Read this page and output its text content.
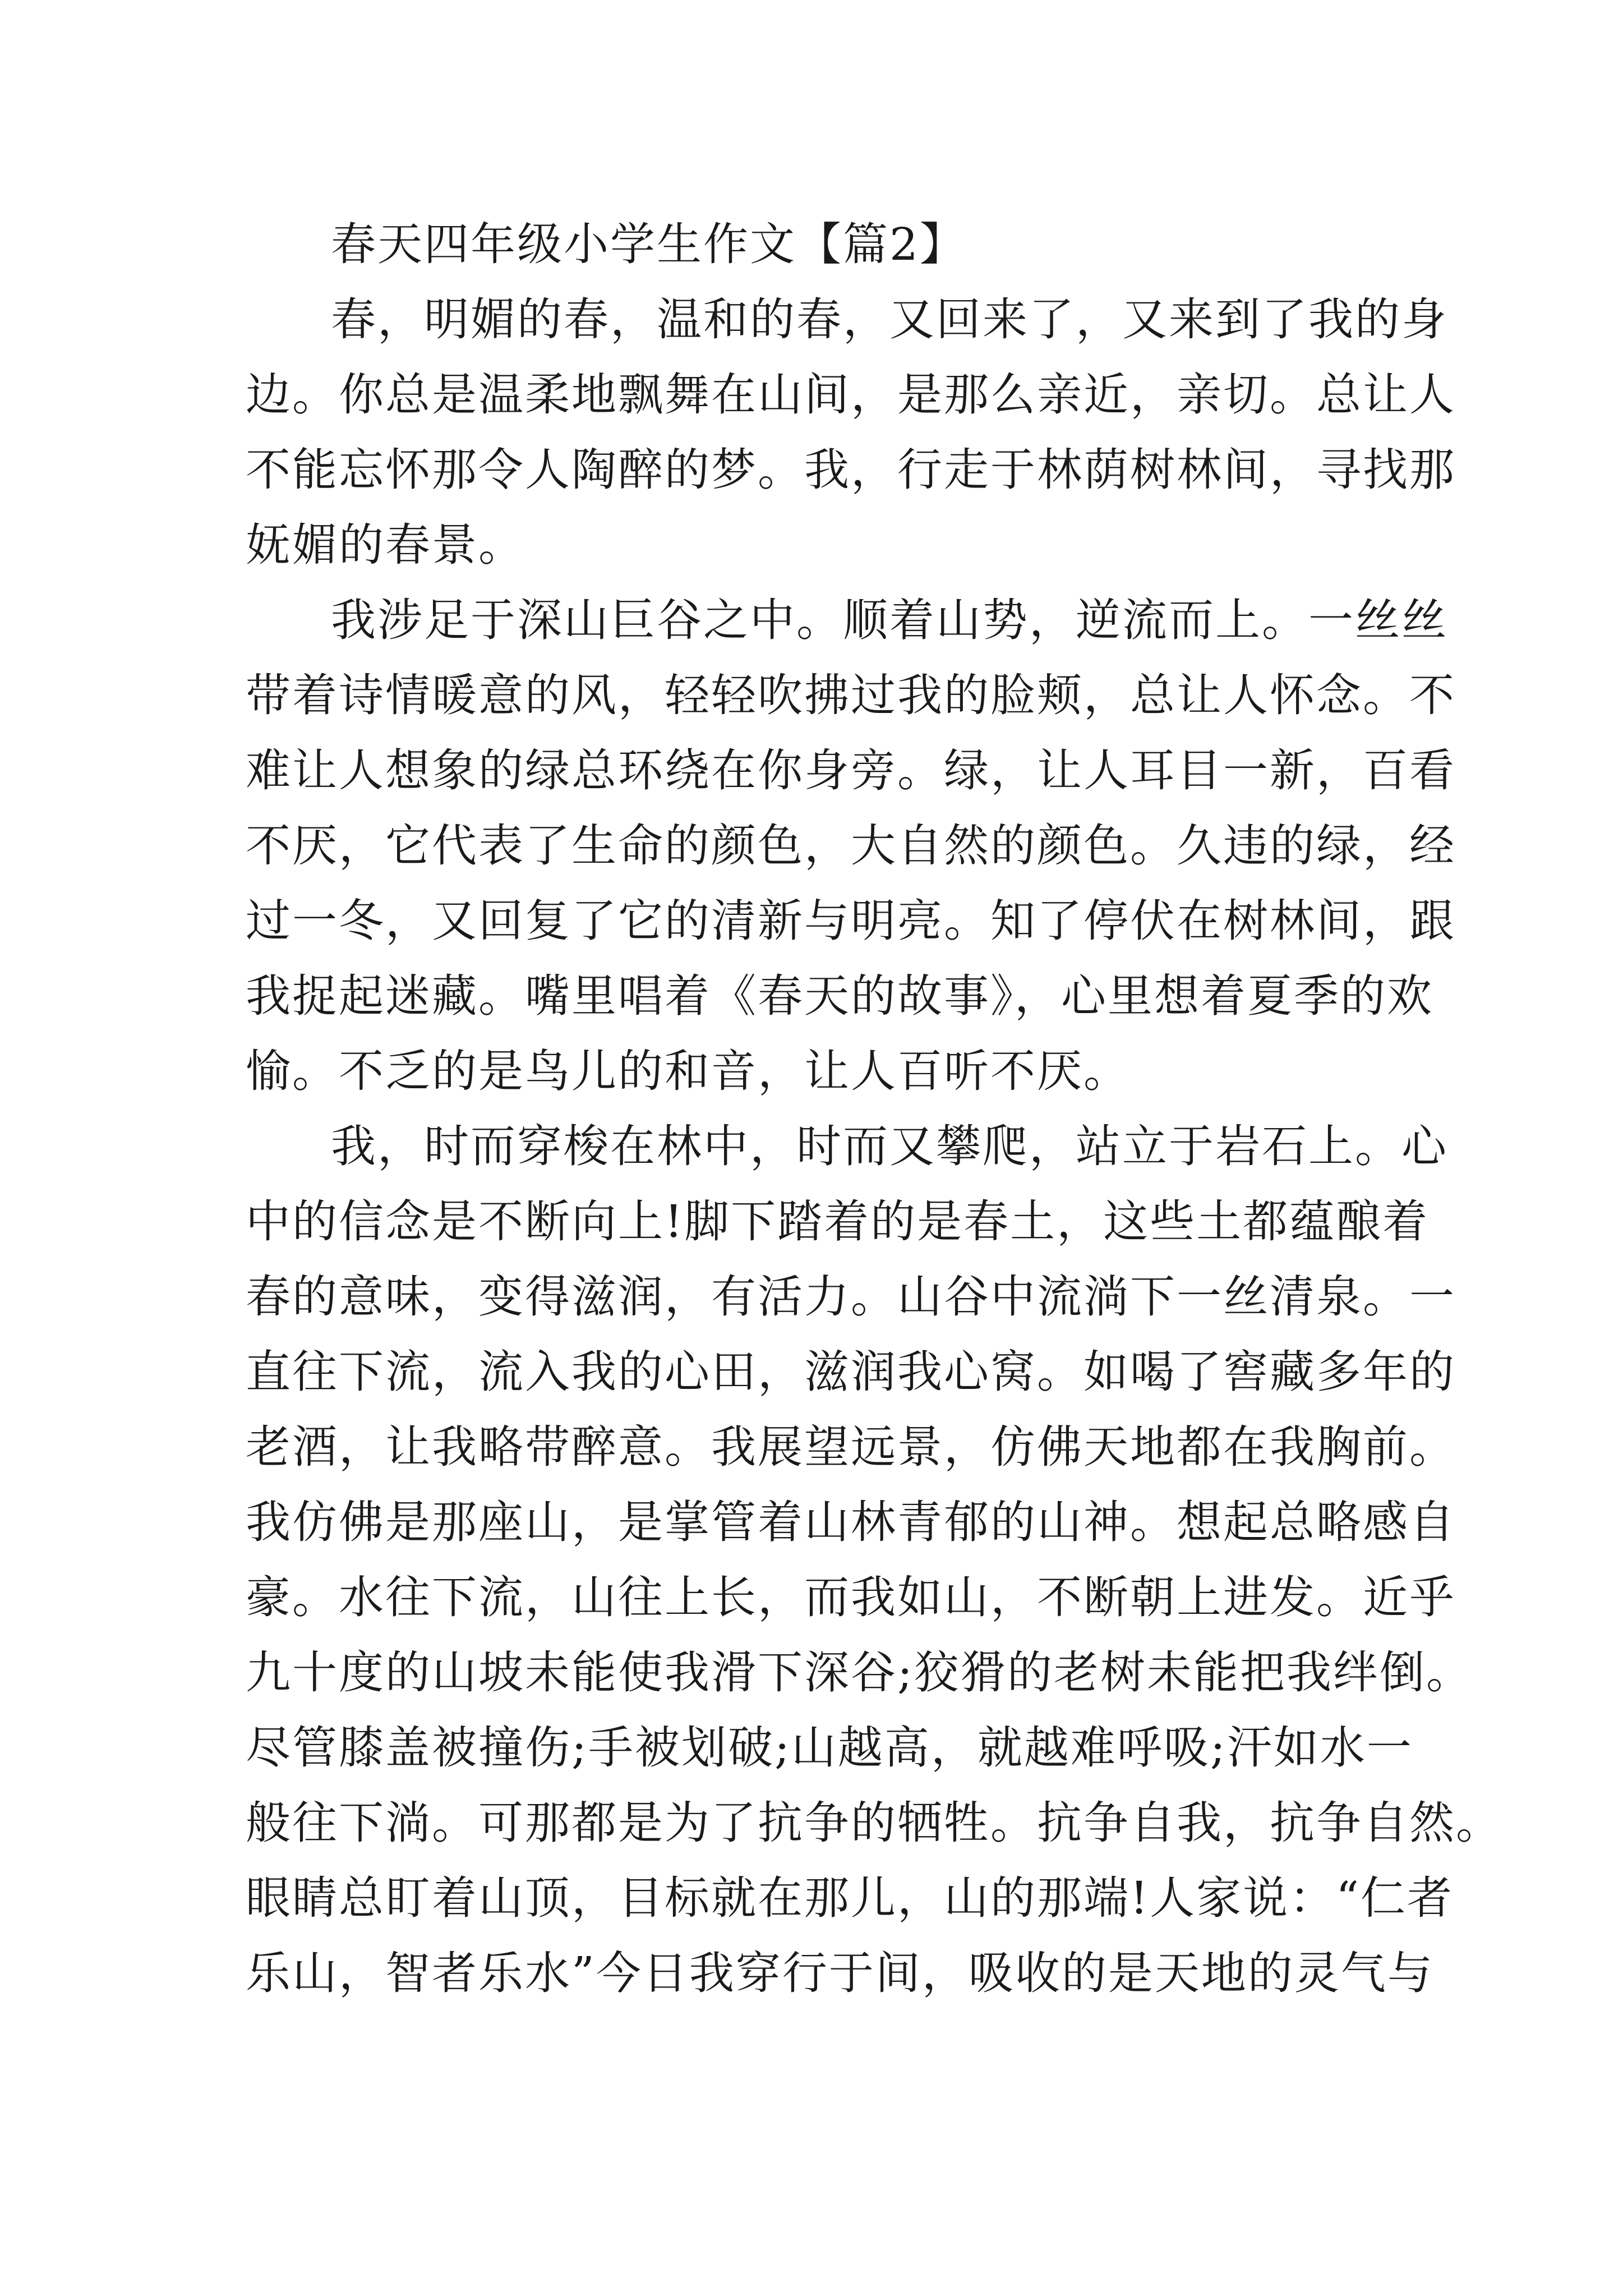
春天四年级小学生作文【篇2】
春，明媚的春，温和的春，又回来了，又来到了我的身
边。你总是温柔地飘舞在山间，是那么亲近，亲切。总让人
不能忘怀那令人陶醉的梦。我，行走于林荫树林间，寻找那
妩媚的春景。
我涉足于深山巨谷之中。顺着山势，逆流而上。一丝丝
带着诗情暖意的风，轻轻吹拂过我的脸颊，总让人怀念。不
难让人想象的绿总环绕在你身旁。绿，让人耳目一新，百看
不厌，它代表了生命的颜色，大自然的颜色。久违的绿，经
过一冬，又回复了它的清新与明亮。知了停伏在树林间，跟
我捉起迷藏。嘴里唱着《春天的故事》，心里想着夏季的欢
愉。不乏的是鸟儿的和音，让人百听不厌。
我，时而穿梭在林中，时而又攀爬，站立于岩石上。心
中的信念是不断向上!脚下踏着的是春土，这些土都蕴酿着
春的意味，变得滋润，有活力。山谷中流淌下一丝清泉。一
直往下流，流入我的心田，滋润我心窝。如喝了窖藏多年的
老酒，让我略带醉意。我展望远景，仿佛天地都在我胸前。
我仿佛是那座山，是掌管着山林青郁的山神。想起总略感自
豪。水往下流，山往上长，而我如山，不断朝上进发。近乎
九十度的山坡未能使我滑下深谷;狡猾的老树未能把我绊倒。
尽管膝盖被撞伤;手被划破;山越高，就越难呼吸;汗如水一
般往下淌。可那都是为了抗争的牺牲。抗争自我，抗争自然。
眼睛总盯着山顶，目标就在那儿，山的那端!人家说：“仁者
乐山，智者乐水”今日我穿行于间，吸收的是天地的灵气与
